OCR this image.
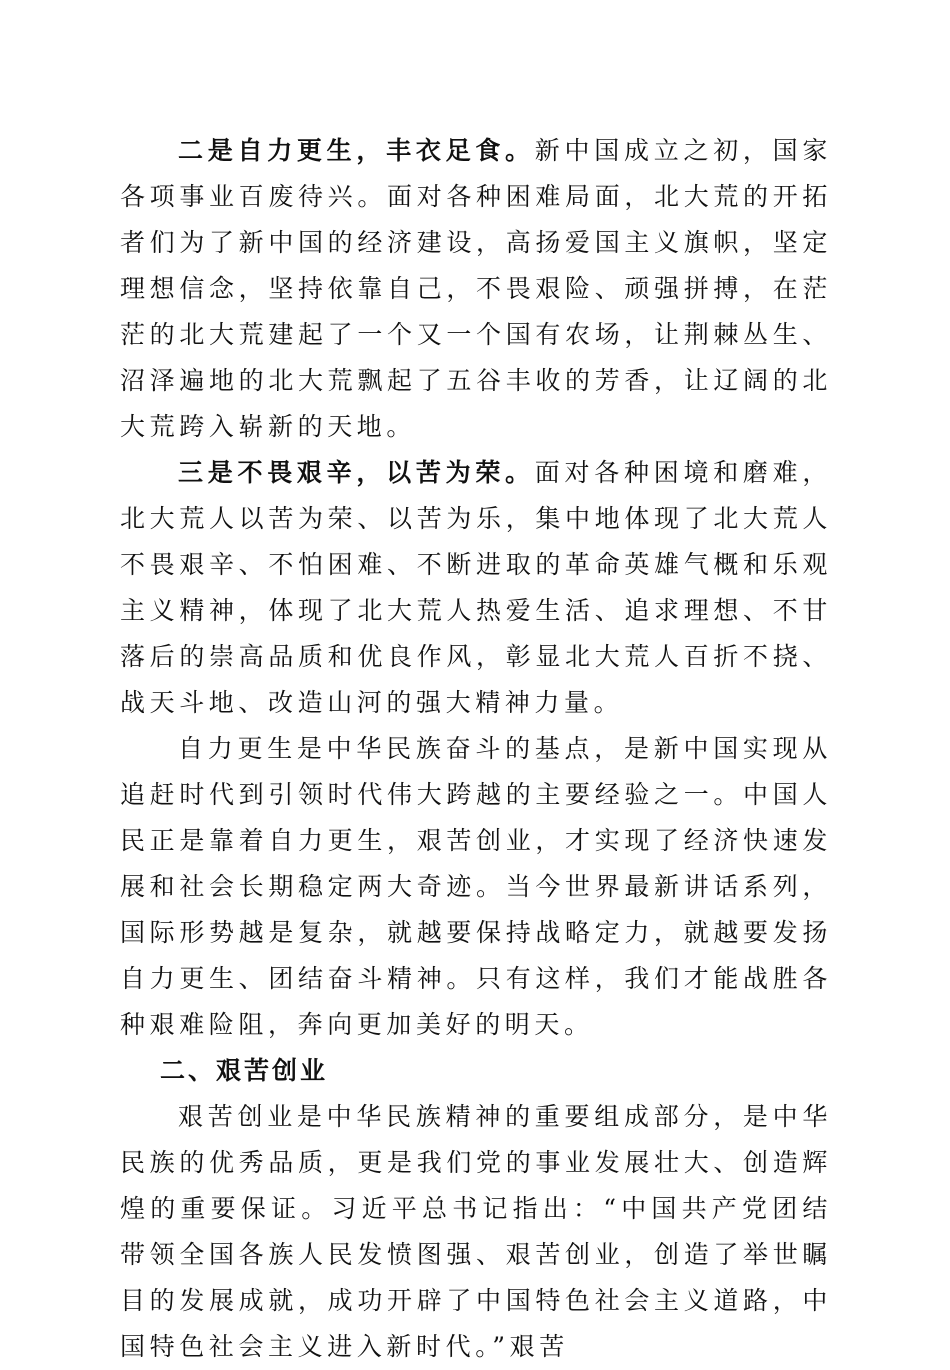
二是自力更生，丰衣足食。新中国成立之初，国家各项事业百废待兴。面对各种困难局面，北大荒的开拓者们为了新中国的经济建设，高扬爱国主义旗帜，坚定理想信念，坚持依靠自己，不畏艰险、顽强拼搏，在茫茫的北大荒建起了一个又一个国有农场，让荆棘丛生、沼泽遍地的北大荒飘起了五谷丰收的芳香，让辽阔的北大荒跨入崭新的天地。

三是不畏艰辛，以苦为荣。面对各种困境和磨难，北大荒人以苦为荣、以苦为乐，集中地体现了北大荒人不畏艰辛、不怕困难、不断进取的革命英雄气概和乐观主义精神，体现了北大荒人热爱生活、追求理想、不甘落后的崇高品质和优良作风，彰显北大荒人百折不挠、战天斗地、改造山河的强大精神力量。

自力更生是中华民族奋斗的基点，是新中国实现从追赶时代到引领时代伟大跨越的主要经验之一。中国人民正是靠着自力更生，艰苦创业，才实现了经济快速发展和社会长期稳定两大奇迹。当今世界最新讲话系列，国际形势越是复杂，就越要保持战略定力，就越要发扬自力更生、团结奋斗精神。只有这样，我们才能战胜各种艰难险阻，奔向更加美好的明天。

二、艰苦创业

艰苦创业是中华民族精神的重要组成部分，是中华民族的优秀品质，更是我们党的事业发展壮大、创造辉煌的重要保证。习近平总书记指出：“中国共产党团结带领全国各族人民发愤图强、艰苦创业，创造了举世瞩目的发展成就，成功开辟了中国特色社会主义道路，中国特色社会主义进入新时代。”艰苦
